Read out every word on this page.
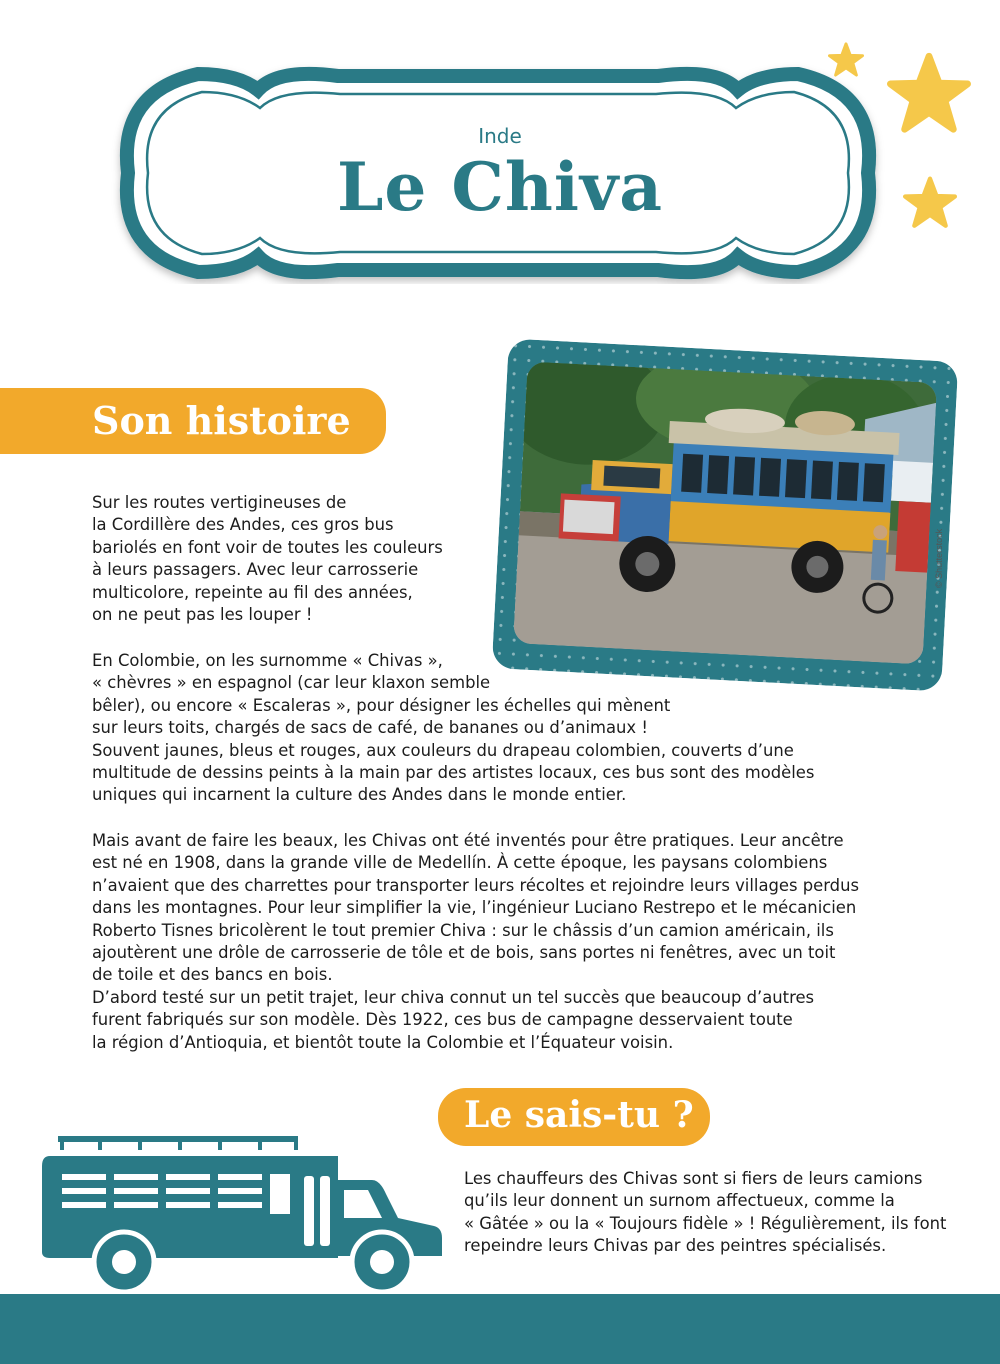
Inde
Le Chiva
Son histoire
© Shutterstock
Sur les routes vertigineuses de
la Cordillère des Andes, ces gros bus
bariolés en font voir de toutes les couleurs
à leurs passagers. Avec leur carrosserie
multicolore, repeinte au fil des années,
on ne peut pas les louper !
En Colombie, on les surnomme « Chivas »,
« chèvres » en espagnol (car leur klaxon semble
bêler), ou encore « Escaleras », pour désigner les échelles qui mènent
sur leurs toits, chargés de sacs de café, de bananes ou d’animaux !
Souvent jaunes, bleus et rouges, aux couleurs du drapeau colombien, couverts d’une
multitude de dessins peints à la main par des artistes locaux, ces bus sont des modèles
uniques qui incarnent la culture des Andes dans le monde entier.
Mais avant de faire les beaux, les Chivas ont été inventés pour être pratiques. Leur ancêtre
est né en 1908, dans la grande ville de Medellín. À cette époque, les paysans colombiens
n’avaient que des charrettes pour transporter leurs récoltes et rejoindre leurs villages perdus
dans les montagnes. Pour leur simplifier la vie, l’ingénieur Luciano Restrepo et le mécanicien
Roberto Tisnes bricolèrent le tout premier Chiva : sur le châssis d’un camion américain, ils
ajoutèrent une drôle de carrosserie de tôle et de bois, sans portes ni fenêtres, avec un toit
de toile et des bancs en bois.
D’abord testé sur un petit trajet, leur chiva connut un tel succès que beaucoup d’autres
furent fabriqués sur son modèle. Dès 1922, ces bus de campagne desservaient toute
la région d’Antioquia, et bientôt toute la Colombie et l’Équateur voisin.
Le sais-tu ?
Les chauffeurs des Chivas sont si fiers de leurs camions
qu’ils leur donnent un surnom affectueux, comme la
« Gâtée » ou la « Toujours fidèle » ! Régulièrement, ils font
repeindre leurs Chivas par des peintres spécialisés.
